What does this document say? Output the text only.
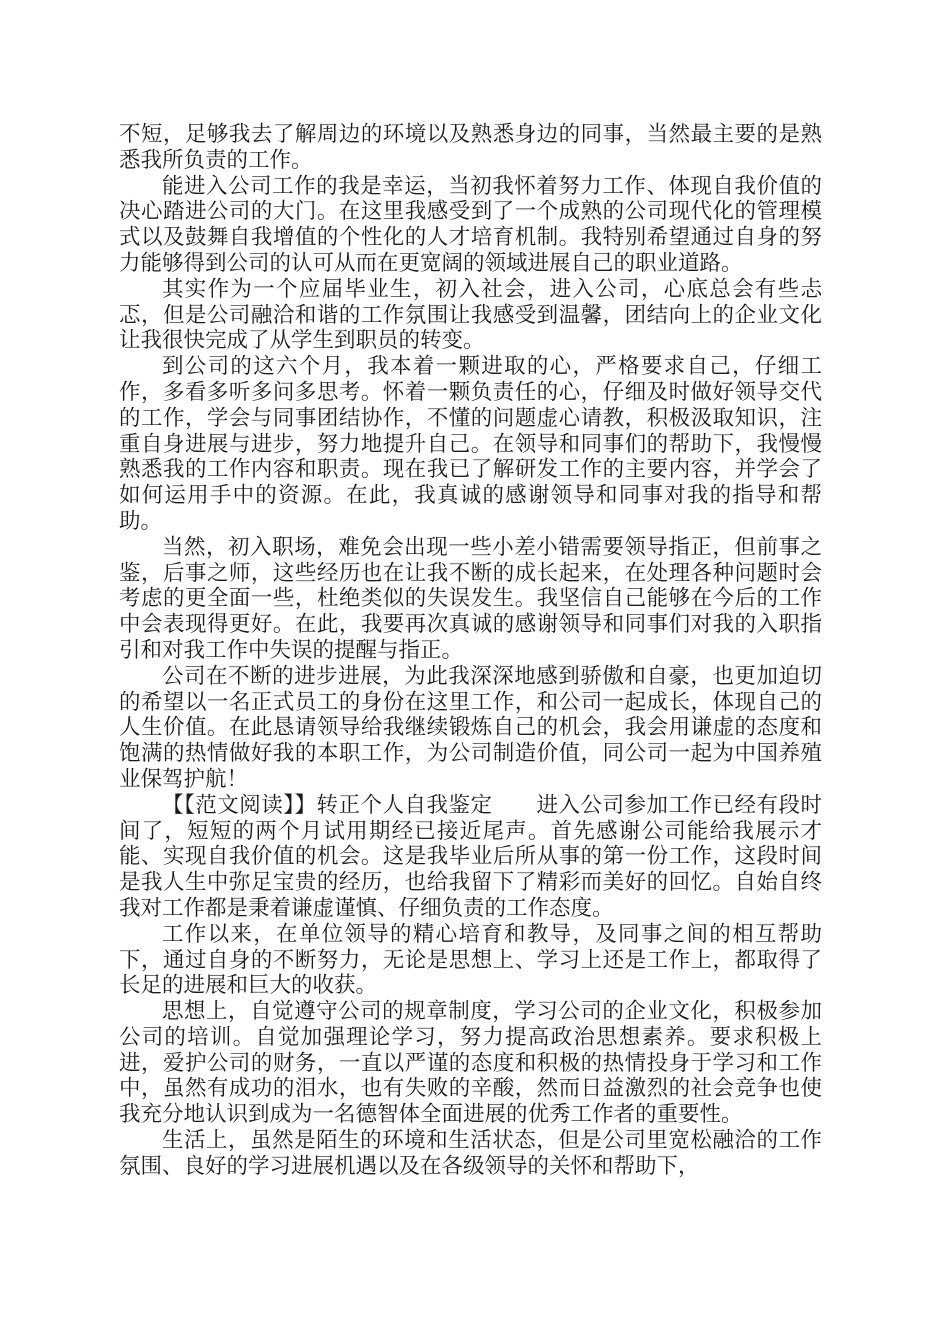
不短，足够我去了解周边的环境以及熟悉身边的同事，当然最主要的是熟悉我所负责的工作。

能进入公司工作的我是幸运，当初我怀着努力工作、体现自我价值的决心踏进公司的大门。在这里我感受到了一个成熟的公司现代化的管理模式以及鼓舞自我增值的个性化的人才培育机制。我特别希望通过自身的努力能够得到公司的认可从而在更宽阔的领域进展自己的职业道路。

其实作为一个应届毕业生，初入社会，进入公司，心底总会有些忐忑，但是公司融洽和谐的工作氛围让我感受到温馨，团结向上的企业文化让我很快完成了从学生到职员的转变。

到公司的这六个月，我本着一颗进取的心，严格要求自己，仔细工作，多看多听多问多思考。怀着一颗负责任的心，仔细及时做好领导交代的工作，学会与同事团结协作，不懂的问题虚心请教，积极汲取知识，注重自身进展与进步，努力地提升自己。在领导和同事们的帮助下，我慢慢熟悉我的工作内容和职责。现在我已了解研发工作的主要内容，并学会了如何运用手中的资源。在此，我真诚的感谢领导和同事对我的指导和帮助。

当然，初入职场，难免会出现一些小差小错需要领导指正，但前事之鉴，后事之师，这些经历也在让我不断的成长起来，在处理各种问题时会考虑的更全面一些，杜绝类似的失误发生。我坚信自己能够在今后的工作中会表现得更好。在此，我要再次真诚的感谢领导和同事们对我的入职指引和对我工作中失误的提醒与指正。

公司在不断的进步进展，为此我深深地感到骄傲和自豪，也更加迫切的希望以一名正式员工的身份在这里工作，和公司一起成长，体现自己的人生价值。在此恳请领导给我继续锻炼自己的机会，我会用谦虚的态度和饱满的热情做好我的本职工作，为公司制造价值，同公司一起为中国养殖业保驾护航！

【【范文阅读】】转正个人自我鉴定　　进入公司参加工作已经有段时间了，短短的两个月试用期经已接近尾声。首先感谢公司能给我展示才能、实现自我价值的机会。这是我毕业后所从事的第一份工作，这段时间是我人生中弥足宝贵的经历，也给我留下了精彩而美好的回忆。自始自终我对工作都是秉着谦虚谨慎、仔细负责的工作态度。

工作以来，在单位领导的精心培育和教导，及同事之间的相互帮助下，通过自身的不断努力，无论是思想上、学习上还是工作上，都取得了长足的进展和巨大的收获。

思想上，自觉遵守公司的规章制度，学习公司的企业文化，积极参加公司的培训。自觉加强理论学习，努力提高政治思想素养。要求积极上进，爱护公司的财务，一直以严谨的态度和积极的热情投身于学习和工作中，虽然有成功的泪水，也有失败的辛酸，然而日益激烈的社会竞争也使我充分地认识到成为一名德智体全面进展的优秀工作者的重要性。

生活上，虽然是陌生的环境和生活状态，但是公司里宽松融洽的工作氛围、良好的学习进展机遇以及在各级领导的关怀和帮助下，
